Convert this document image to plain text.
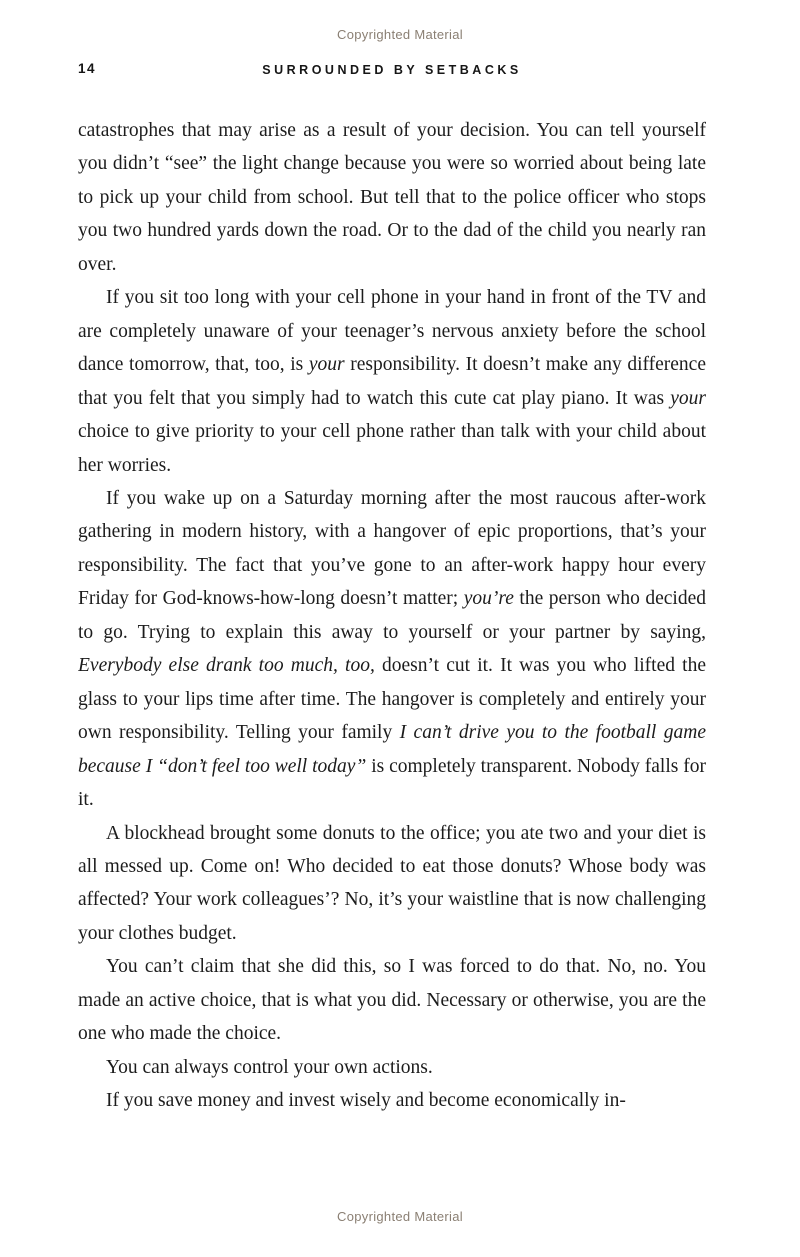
Copyrighted Material
14	SURROUNDED BY SETBACKS

catastrophes that may arise as a result of your decision. You can tell yourself you didn’t “see” the light change because you were so worried about being late to pick up your child from school. But tell that to the police officer who stops you two hundred yards down the road. Or to the dad of the child you nearly ran over.

If you sit too long with your cell phone in your hand in front of the TV and are completely unaware of your teenager’s nervous anxiety before the school dance tomorrow, that, too, is your responsibility. It doesn’t make any difference that you felt that you simply had to watch this cute cat play piano. It was your choice to give priority to your cell phone rather than talk with your child about her worries.

If you wake up on a Saturday morning after the most raucous after-work gathering in modern history, with a hangover of epic proportions, that’s your responsibility. The fact that you’ve gone to an after-work happy hour every Friday for God-knows-how-long doesn’t matter; you’re the person who decided to go. Trying to explain this away to yourself or your partner by saying, Everybody else drank too much, too, doesn’t cut it. It was you who lifted the glass to your lips time after time. The hangover is completely and entirely your own responsibility. Telling your family I can’t drive you to the football game because I “don’t feel too well today” is completely transparent. Nobody falls for it.

A blockhead brought some donuts to the office; you ate two and your diet is all messed up. Come on! Who decided to eat those donuts? Whose body was affected? Your work colleagues’? No, it’s your waistline that is now challenging your clothes budget.

You can’t claim that she did this, so I was forced to do that. No, no. You made an active choice, that is what you did. Necessary or otherwise, you are the one who made the choice.

You can always control your own actions.

If you save money and invest wisely and become economically in-

Copyrighted Material
